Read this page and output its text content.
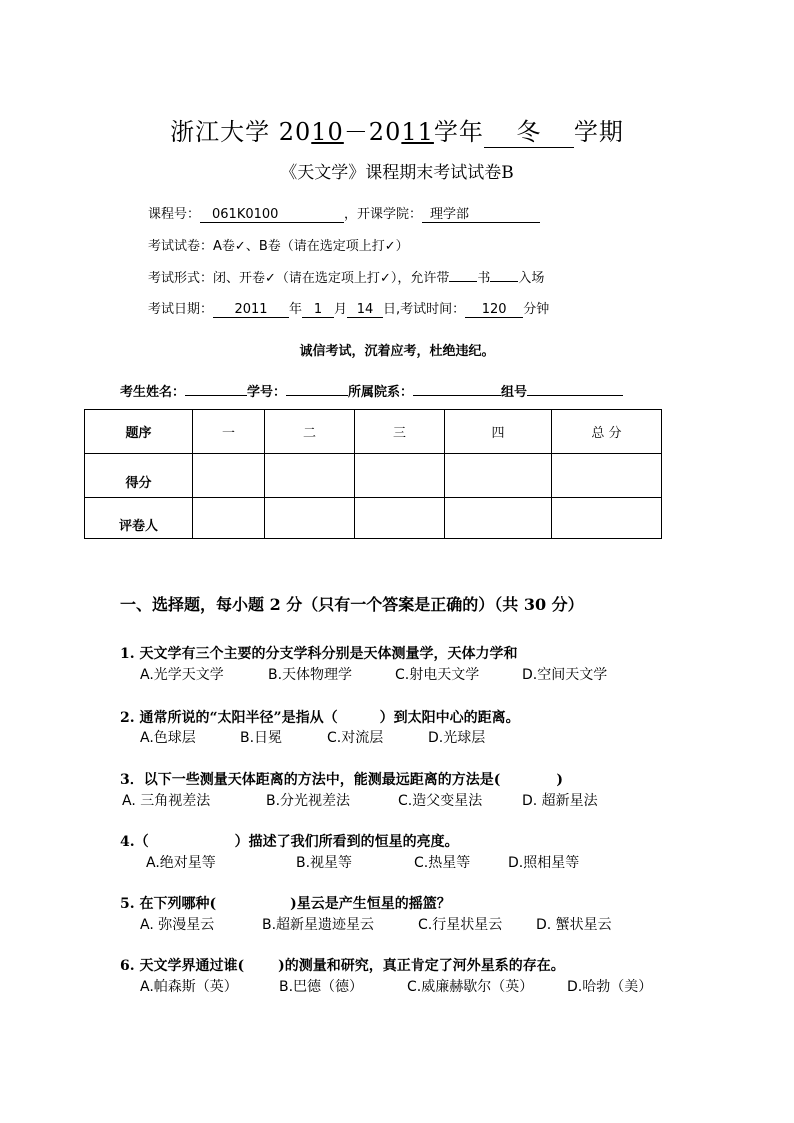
浙江大学 2010－2011学年 冬 学期
《天文学》课程期末考试试卷B
课程号： 061K0100	，开课学院： 理学部
考试试卷：A卷✓、B卷（请在选定项上打✓）
考试形式：闭、开卷✓（请在选定项上打✓），允许带 书 入场
考试日期： 2011 年 1 月 14 日,考试时间： 120 分钟
诚信考试，沉着应考，杜绝违纪。
考生姓名：	学号：	所属院系：	组号
题序	一	二	三	四	总 分
得分					
评卷人					
一、选择题，每小题 2 分（只有一个答案是正确的）（共 30 分）
1. 天文学有三个主要的分支学科分别是天体测量学，天体力学和
A.光学天文学	B.天体物理学	C.射电天文学	D.空间天文学
2. 通常所说的“太阳半径”是指从（	）到太阳中心的距离。
A.色球层	B.日冕	C.对流层	D.光球层
3．以下一些测量天体距离的方法中，能测最远距离的方法是(	)
A. 三角视差法	B.分光视差法	C.造父变星法	D. 超新星法
4.（	）描述了我们所看到的恒星的亮度。
A.绝对星等	B.视星等	C.热星等	D.照相星等
5. 在下列哪种(	)星云是产生恒星的摇篮？
A. 弥漫星云	B.超新星遗迹星云	C.行星状星云 D. 蟹状星云
6. 天文学界通过谁( )的测量和研究，真正肯定了河外星系的存在。
A.帕森斯（英）	B.巴德（德）	C.威廉赫歇尔（英） D.哈勃（美）
